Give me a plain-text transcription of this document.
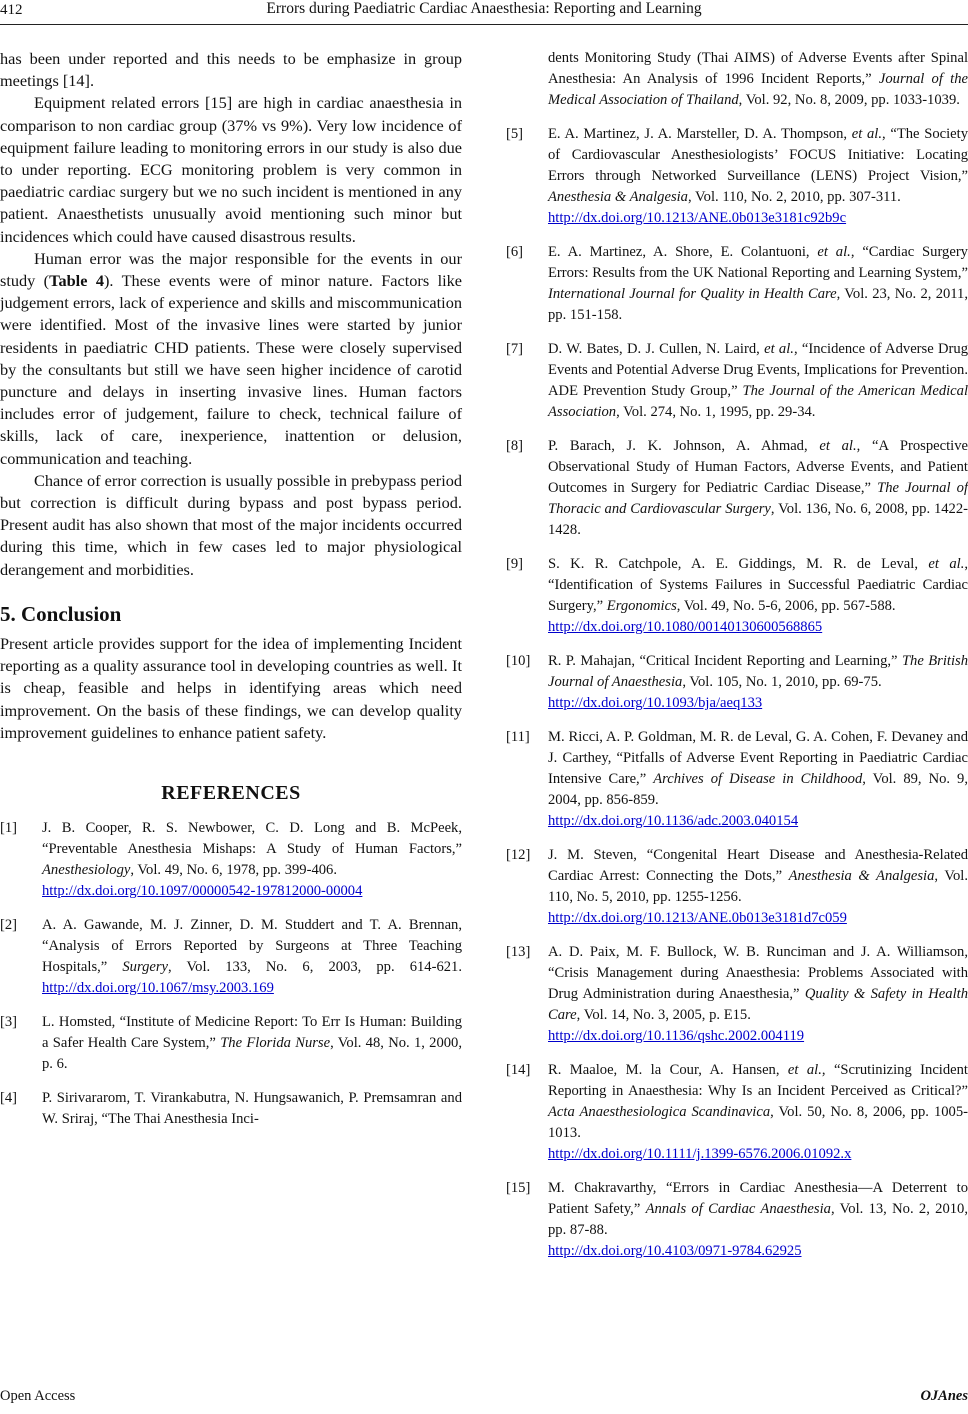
412	Errors during Paediatric Cardiac Anaesthesia: Reporting and Learning

has been under reported and this needs to be emphasize in group meetings [14].

Equipment related errors [15] are high in cardiac anaesthesia in comparison to non cardiac group (37% vs 9%). Very low incidence of equipment failure leading to monitoring errors in our study is also due to under reporting. ECG monitoring problem is very common in paediatric cardiac surgery but we no such incident is mentioned in any patient. Anaesthetists unusually avoid mentioning such minor but incidences which could have caused disastrous results.

Human error was the major responsible for the events in our study (Table 4). These events were of minor nature. Factors like judgement errors, lack of experience and skills and miscommunication were identified. Most of the invasive lines were started by junior residents in paediatric CHD patients. These were closely supervised by the consultants but still we have seen higher incidence of carotid puncture and delays in inserting invasive lines. Human factors includes error of judgement, failure to check, technical failure of skills, lack of care, inexperience, inattention or delusion, communication and teaching.

Chance of error correction is usually possible in prebypass period but correction is difficult during bypass and post bypass period. Present audit has also shown that most of the major incidents occurred during this time, which in few cases led to major physiological derangement and morbidities.

5. Conclusion

Present article provides support for the idea of implementing Incident reporting as a quality assurance tool in developing countries as well. It is cheap, feasible and helps in identifying areas which need improvement. On the basis of these findings, we can develop quality improvement guidelines to enhance patient safety.

REFERENCES
[1] J. B. Cooper, R. S. Newbower, C. D. Long and B. McPeek, “Preventable Anesthesia Mishaps: A Study of Human Factors,” Anesthesiology, Vol. 49, No. 6, 1978, pp. 399-406.
http://dx.doi.org/10.1097/00000542-197812000-00004
[2] A. A. Gawande, M. J. Zinner, D. M. Studdert and T. A. Brennan, “Analysis of Errors Reported by Surgeons at Three Teaching Hospitals,” Surgery, Vol. 133, No. 6, 2003, pp. 614-621. http://dx.doi.org/10.1067/msy.2003.169
[3] L. Homsted, “Institute of Medicine Report: To Err Is Human: Building a Safer Health Care System,” The Florida Nurse, Vol. 48, No. 1, 2000, p. 6.
[4] P. Sirivararom, T. Virankabutra, N. Hungsawanich, P. Premsamran and W. Sriraj, “The Thai Anesthesia Inci-
dents Monitoring Study (Thai AIMS) of Adverse Events after Spinal Anesthesia: An Analysis of 1996 Incident Reports,” Journal of the Medical Association of Thailand, Vol. 92, No. 8, 2009, pp. 1033-1039.
[5] E. A. Martinez, J. A. Marsteller, D. A. Thompson, et al., “The Society of Cardiovascular Anesthesiologists’ FOCUS Initiative: Locating Errors through Networked Surveillance (LENS) Project Vision,” Anesthesia & Analgesia, Vol. 110, No. 2, 2010, pp. 307-311.
http://dx.doi.org/10.1213/ANE.0b013e3181c92b9c
[6] E. A. Martinez, A. Shore, E. Colantuoni, et al., “Cardiac Surgery Errors: Results from the UK National Reporting and Learning System,” International Journal for Quality in Health Care, Vol. 23, No. 2, 2011, pp. 151-158.
[7] D. W. Bates, D. J. Cullen, N. Laird, et al., “Incidence of Adverse Drug Events and Potential Adverse Drug Events, Implications for Prevention. ADE Prevention Study Group,” The Journal of the American Medical Association, Vol. 274, No. 1, 1995, pp. 29-34.
[8] P. Barach, J. K. Johnson, A. Ahmad, et al., “A Prospective Observational Study of Human Factors, Adverse Events, and Patient Outcomes in Surgery for Pediatric Cardiac Disease,” The Journal of Thoracic and Cardiovascular Surgery, Vol. 136, No. 6, 2008, pp. 1422-1428.
[9] S. K. R. Catchpole, A. E. Giddings, M. R. de Leval, et al., “Identification of Systems Failures in Successful Paediatric Cardiac Surgery,” Ergonomics, Vol. 49, No. 5-6, 2006, pp. 567-588.
http://dx.doi.org/10.1080/00140130600568865
[10] R. P. Mahajan, “Critical Incident Reporting and Learning,” The British Journal of Anaesthesia, Vol. 105, No. 1, 2010, pp. 69-75.
http://dx.doi.org/10.1093/bja/aeq133
[11] M. Ricci, A. P. Goldman, M. R. de Leval, G. A. Cohen, F. Devaney and J. Carthey, “Pitfalls of Adverse Event Reporting in Paediatric Cardiac Intensive Care,” Archives of Disease in Childhood, Vol. 89, No. 9, 2004, pp. 856-859.
http://dx.doi.org/10.1136/adc.2003.040154
[12] J. M. Steven, “Congenital Heart Disease and Anesthesia-Related Cardiac Arrest: Connecting the Dots,” Anesthesia & Analgesia, Vol. 110, No. 5, 2010, pp. 1255-1256.
http://dx.doi.org/10.1213/ANE.0b013e3181d7c059
[13] A. D. Paix, M. F. Bullock, W. B. Runciman and J. A. Williamson, “Crisis Management during Anaesthesia: Problems Associated with Drug Administration during Anaesthesia,” Quality & Safety in Health Care, Vol. 14, No. 3, 2005, p. E15.
http://dx.doi.org/10.1136/qshc.2002.004119
[14] R. Maaloe, M. la Cour, A. Hansen, et al., “Scrutinizing Incident Reporting in Anaesthesia: Why Is an Incident Perceived as Critical?” Acta Anaesthesiologica Scandinavica, Vol. 50, No. 8, 2006, pp. 1005-1013.
http://dx.doi.org/10.1111/j.1399-6576.2006.01092.x
[15] M. Chakravarthy, “Errors in Cardiac Anesthesia—A Deterrent to Patient Safety,” Annals of Cardiac Anaesthesia, Vol. 13, No. 2, 2010, pp. 87-88.
http://dx.doi.org/10.4103/0971-9784.62925
Open Access	OJAnes
